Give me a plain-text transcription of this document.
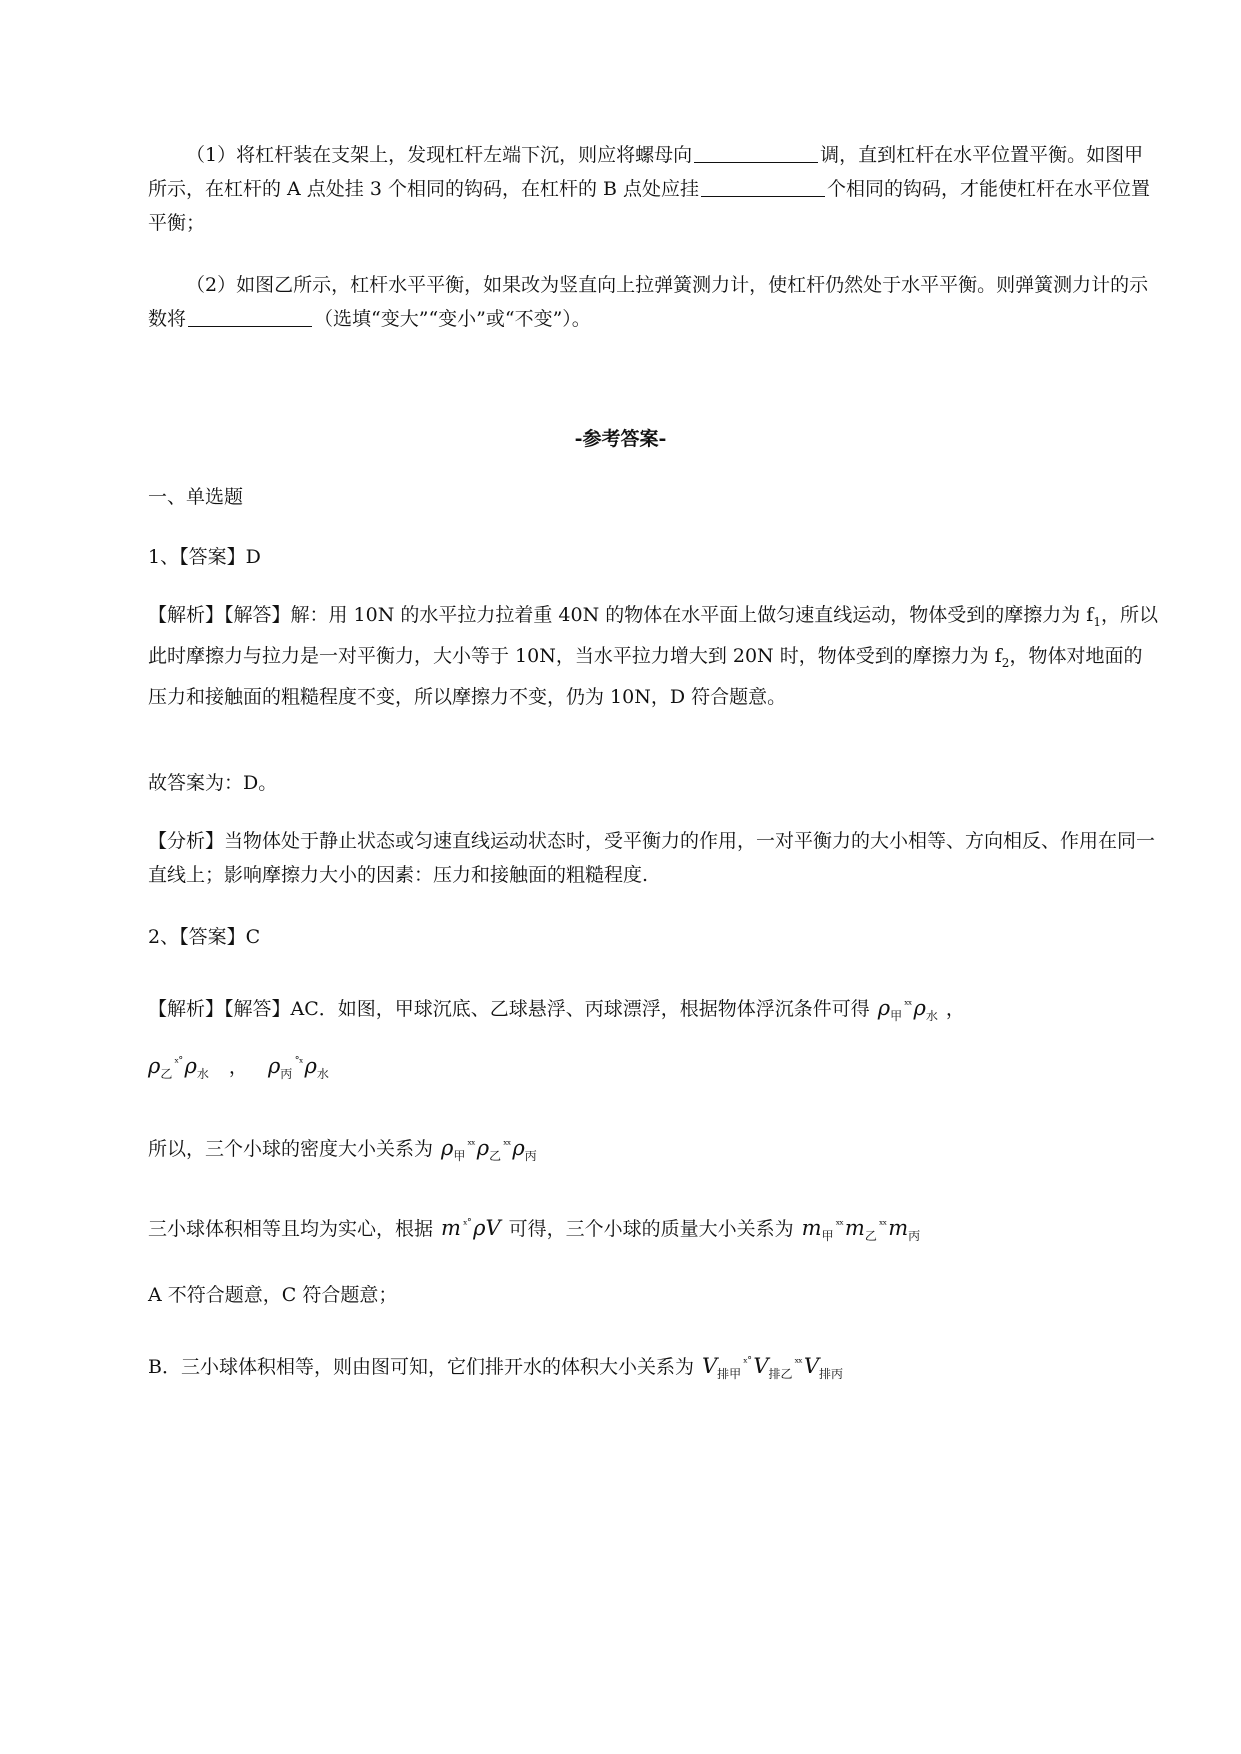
（1）将杠杆装在支架上，发现杠杆左端下沉，则应将螺母向	调，直到杠杆在水平位置平衡。如图甲所示，在杠杆的 A 点处挂 3 个相同的钩码，在杠杆的 B 点处应挂	个相同的钩码，才能使杠杆在水平位置平衡；

（2）如图乙所示，杠杆水平平衡，如果改为竖直向上拉弹簧测力计，使杠杆仍然处于水平平衡。则弹簧测力计的示数将	（选填“变大”“变小”或“不变”）。

-参考答案-

一、单选题

1、【答案】D

【解析】【解答】解：用 10N 的水平拉力拉着重 40N 的物体在水平面上做匀速直线运动，物体受到的摩擦力为 $f_1$，所以此时摩擦力与拉力是一对平衡力，大小等于 10N，当水平拉力增大到 20N 时，物体受到的摩擦力为 $f_2$，物体对地面的压力和接触面的粗糙程度不变，所以摩擦力不变，仍为 10N，D 符合题意。

故答案为：D。

【分析】当物体处于静止状态或匀速直线运动状态时，受平衡力的作用，一对平衡力的大小相等、方向相反、作用在同一直线上；影响摩擦力大小的因素：压力和接触面的粗糙程度.

2、【答案】C

【解析】【解答】AC．如图，甲球沉底、乙球悬浮、丙球漂浮，根据物体浮沉条件可得 $\rho_甲^{ˣˣ}\rho_水$ ，

$\rho_乙^{ˣ˚}\rho_水$ ， $\rho_丙^{˚ˣ}\rho_水$

所以，三个小球的密度大小关系为 $\rho_甲^{ˣˣ}\rho_乙^{ˣˣ}\rho_丙$

三小球体积相等且均为实心，根据 m $^{ˣ˚}$ρV 可得，三个小球的质量大小关系为 $m_甲^{ˣˣ}m_乙^{ˣˣ}m_丙$

A 不符合题意，C 符合题意；

B．三小球体积相等，则由图可知，它们排开水的体积大小关系为 $V_{排甲}^{ˣ˚}V_{排乙}^{ˣˣ}V_{排丙}$
